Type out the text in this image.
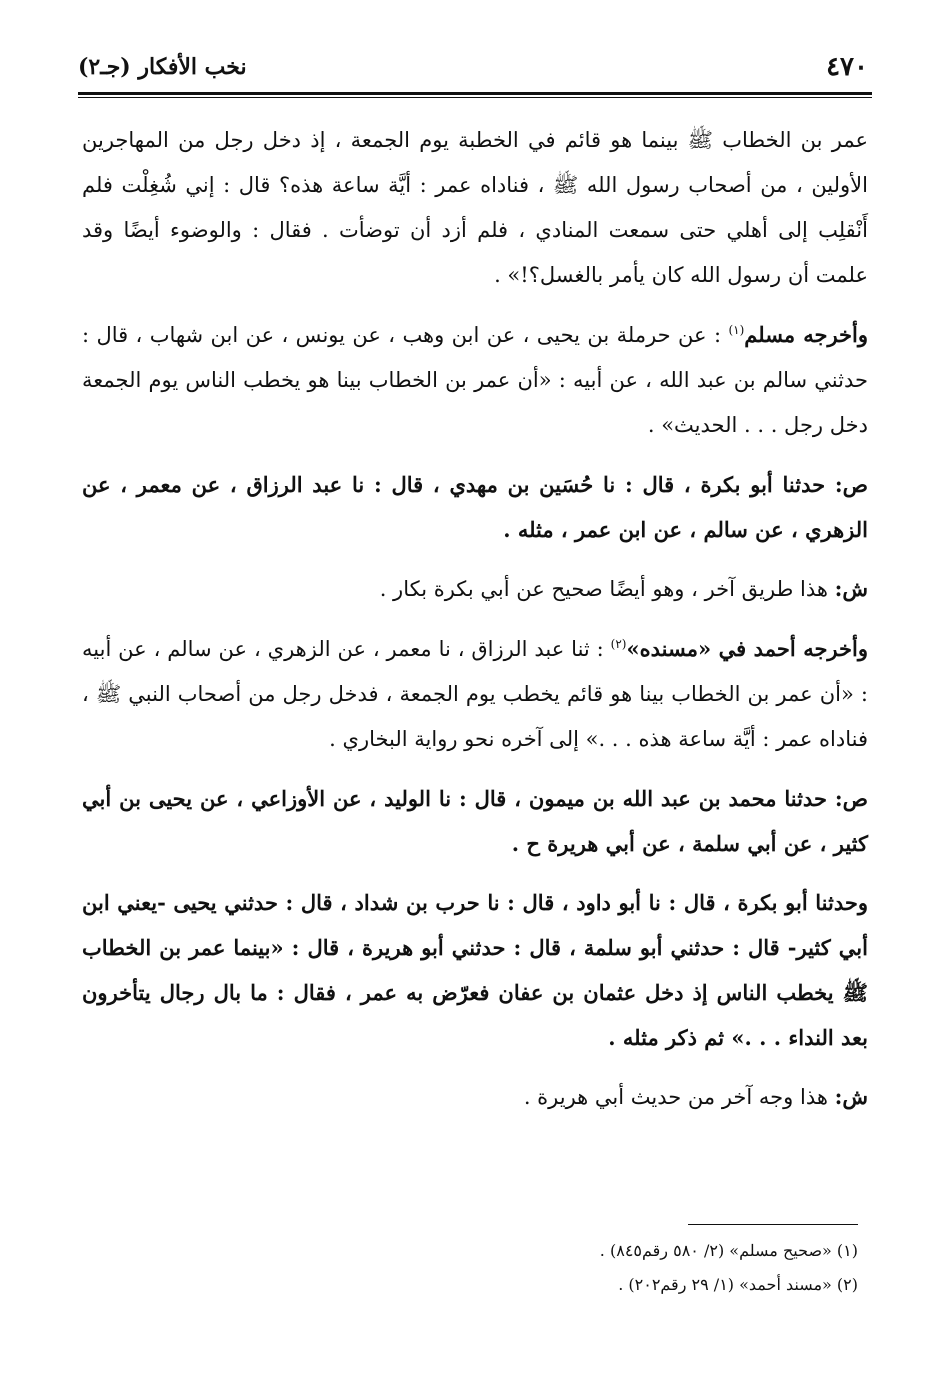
٤٧٠
نخب الأفكار (جـ٢)

عمر بن الخطاب ﷺ بينما هو قائم في الخطبة يوم الجمعة ، إذ دخل رجل من المهاجرين الأولين ، من أصحاب رسول الله ﷺ ، فناداه عمر : أيَّة ساعة هذه؟ قال : إني شُغِلْت فلم أَنْقلِب إلى أهلي حتى سمعت المنادي ، فلم أزد أن توضأت . فقال : والوضوء أيضًا وقد علمت أن رسول الله كان يأمر بالغسل؟!» .

وأخرجه مسلم$^{(١)}$ : عن حرملة بن يحيى ، عن ابن وهب ، عن يونس ، عن ابن شهاب ، قال : حدثني سالم بن عبد الله ، عن أبيه : «أن عمر بن الخطاب بينا هو يخطب الناس يوم الجمعة دخل رجل . . . الحديث» .

ص: حدثنا أبو بكرة ، قال : نا حُسَين بن مهدي ، قال : نا عبد الرزاق ، عن معمر ، عن الزهري ، عن سالم ، عن ابن عمر ، مثله .

ش: هذا طريق آخر ، وهو أيضًا صحيح عن أبي بكرة بكار .

وأخرجه أحمد في «مسنده»$^{(٢)}$ : ثنا عبد الرزاق ، نا معمر ، عن الزهري ، عن سالم ، عن أبيه : «أن عمر بن الخطاب بينا هو قائم يخطب يوم الجمعة ، فدخل رجل من أصحاب النبي ﷺ ، فناداه عمر : أيَّة ساعة هذه . . .» إلى آخره نحو رواية البخاري .

ص: حدثنا محمد بن عبد الله بن ميمون ، قال : نا الوليد ، عن الأوزاعي ، عن يحيى بن أبي كثير ، عن أبي سلمة ، عن أبي هريرة ح .

وحدثنا أبو بكرة ، قال : نا أبو داود ، قال : نا حرب بن شداد ، قال : حدثني يحيى -يعني ابن أبي كثير- قال : حدثني أبو سلمة ، قال : حدثني أبو هريرة ، قال : «بينما عمر بن الخطاب ﷺ يخطب الناس إذ دخل عثمان بن عفان فعرّض به عمر ، فقال : ما بال رجال يتأخرون بعد النداء . . .» ثم ذكر مثله .

ش: هذا وجه آخر من حديث أبي هريرة .

(١) «صحيح مسلم» (٢/ ٥٨٠ رقم٨٤٥) .

(٢) «مسند أحمد» (١/ ٢٩ رقم٢٠٢) .
